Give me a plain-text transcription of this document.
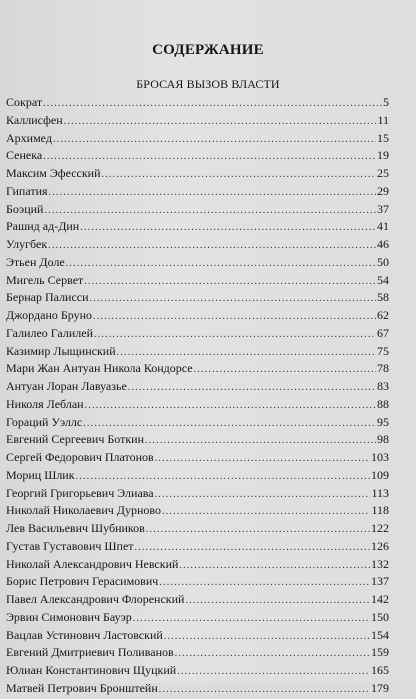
СОДЕРЖАНИЕ
БРОСАЯ ВЫЗОВ ВЛАСТИ
Сократ .....	5
Каллисфен .....	11
Архимед .....	15
Сенека .....	19
Максим Эфесский .....	25
Гипатия .....	29
Боэций .....	37
Рашид ад-Дин .....	41
Улугбек .....	46
Этьен Доле .....	50
Мигель Сервет .....	54
Бернар Палисси .....	58
Джордано Бруно .....	62
Галилео Галилей .....	67
Казимир Лыщинский .....	75
Мари Жан Антуан Никола Кондорсе .....	78
Антуан Лоран Лавуазье .....	83
Николя Леблан .....	88
Гораций Уэллс .....	95
Евгений Сергеевич Боткин .....	98
Сергей Федорович Платонов .....	103
Мориц Шлик .....	109
Георгий Григорьевич Элиава .....	113
Николай Николаевич Дурново .....	118
Лев Васильевич Шубников .....	122
Густав Густавович Шпет .....	126
Николай Александрович Невский .....	132
Борис Петрович Герасимович .....	137
Павел Александрович Флоренский .....	142
Эрвин Симонович Бауэр .....	150
Вацлав Устинович Ластовский .....	154
Евгений Дмитриевич Поливанов .....	159
Юлиан Константинович Щуцкий .....	165
Матвей Петрович Бронштейн .....	179
